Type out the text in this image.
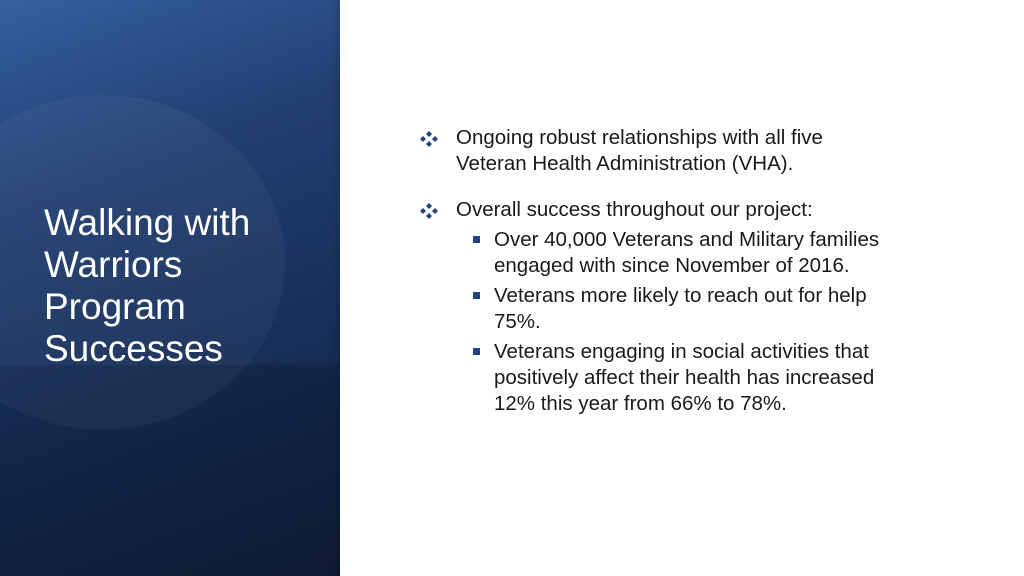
Walking with
Warriors
Program
Successes
Ongoing robust relationships with all five
Veteran Health Administration (VHA).
Overall success throughout our project:
Over 40,000 Veterans and Military families
engaged with since November of 2016.
Veterans more likely to reach out for help
75%.
Veterans engaging in social activities that
positively affect their health has increased
12% this year from 66% to 78%.
